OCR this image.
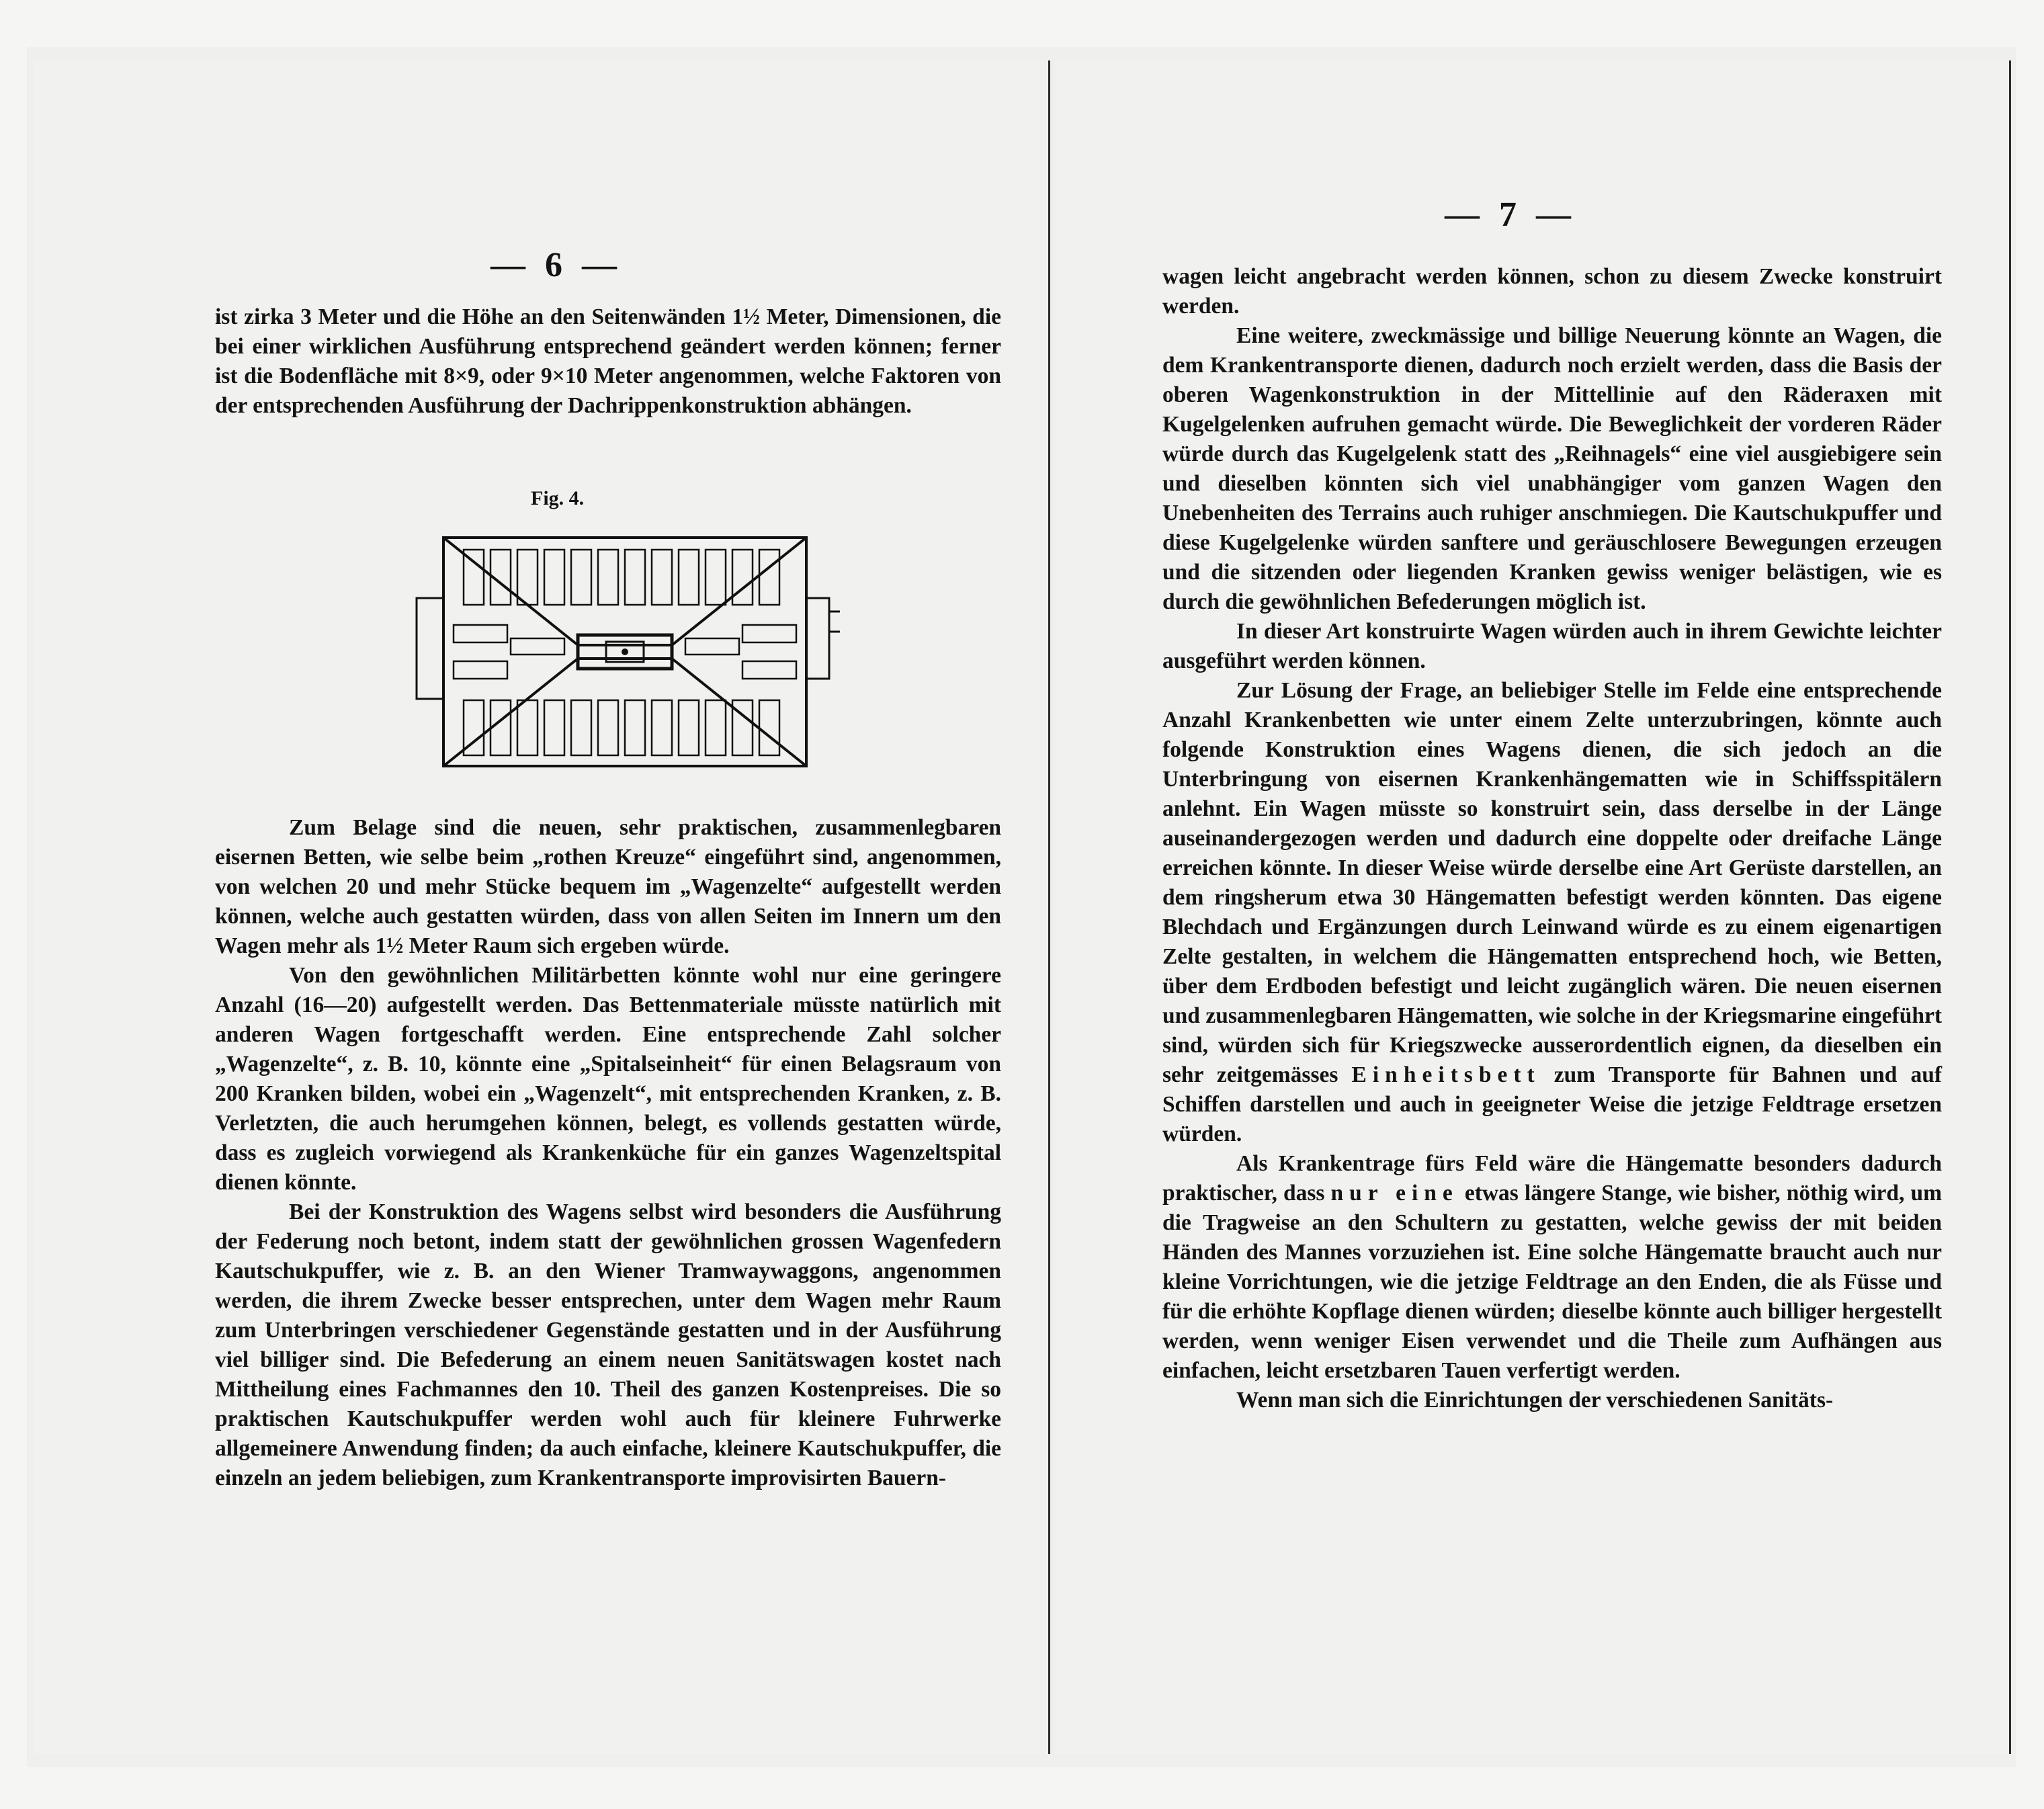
— 6 —

ist zirka 3 Meter und die Höhe an den Seitenwänden 1½ Meter, Dimensionen, die bei einer wirklichen Ausführung entsprechend geändert werden können; ferner ist die Bodenfläche mit 8×9, oder 9×10 Meter angenommen, welche Faktoren von der entsprechenden Ausführung der Dachrippenkonstruktion abhängen.

Fig. 4.

Zum Belage sind die neuen, sehr praktischen, zusammenlegbaren eisernen Betten, wie selbe beim „rothen Kreuze“ eingeführt sind, angenommen, von welchen 20 und mehr Stücke bequem im „Wagenzelte“ aufgestellt werden können, welche auch gestatten würden, dass von allen Seiten im Innern um den Wagen mehr als 1½ Meter Raum sich ergeben würde.

Von den gewöhnlichen Militärbetten könnte wohl nur eine geringere Anzahl (16—20) aufgestellt werden. Das Bettenmateriale müsste natürlich mit anderen Wagen fortgeschafft werden. Eine entsprechende Zahl solcher „Wagenzelte“, z. B. 10, könnte eine „Spitalseinheit“ für einen Belagsraum von 200 Kranken bilden, wobei ein „Wagenzelt“, mit entsprechenden Kranken, z. B. Verletzten, die auch herumgehen können, belegt, es vollends gestatten würde, dass es zugleich vorwiegend als Krankenküche für ein ganzes Wagenzeltspital dienen könnte.

Bei der Konstruktion des Wagens selbst wird besonders die Ausführung der Federung noch betont, indem statt der gewöhnlichen grossen Wagenfedern Kautschukpuffer, wie z. B. an den Wiener Tramwaywaggons, angenommen werden, die ihrem Zwecke besser entsprechen, unter dem Wagen mehr Raum zum Unterbringen verschiedener Gegenstände gestatten und in der Ausführung viel billiger sind. Die Befederung an einem neuen Sanitätswagen kostet nach Mittheilung eines Fachmannes den 10. Theil des ganzen Kostenpreises. Die so praktischen Kautschukpuffer werden wohl auch für kleinere Fuhrwerke allgemeinere Anwendung finden; da auch einfache, kleinere Kautschukpuffer, die einzeln an jedem beliebigen, zum Krankentransporte improvisirten Bauern-

— 7 —

wagen leicht angebracht werden können, schon zu diesem Zwecke konstruirt werden.

Eine weitere, zweckmässige und billige Neuerung könnte an Wagen, die dem Krankentransporte dienen, dadurch noch erzielt werden, dass die Basis der oberen Wagenkonstruktion in der Mittellinie auf den Räderaxen mit Kugelgelenken aufruhen gemacht würde. Die Beweglichkeit der vorderen Räder würde durch das Kugelgelenk statt des „Reihnagels“ eine viel ausgiebigere sein und dieselben könnten sich viel unabhängiger vom ganzen Wagen den Unebenheiten des Terrains auch ruhiger anschmiegen. Die Kautschukpuffer und diese Kugelgelenke würden sanftere und geräuschlosere Bewegungen erzeugen und die sitzenden oder liegenden Kranken gewiss weniger belästigen, wie es durch die gewöhnlichen Befederungen möglich ist.

In dieser Art konstruirte Wagen würden auch in ihrem Gewichte leichter ausgeführt werden können.

Zur Lösung der Frage, an beliebiger Stelle im Felde eine entsprechende Anzahl Krankenbetten wie unter einem Zelte unterzubringen, könnte auch folgende Konstruktion eines Wagens dienen, die sich jedoch an die Unterbringung von eisernen Krankenhängematten wie in Schiffsspitälern anlehnt. Ein Wagen müsste so konstruirt sein, dass derselbe in der Länge auseinandergezogen werden und dadurch eine doppelte oder dreifache Länge erreichen könnte. In dieser Weise würde derselbe eine Art Gerüste darstellen, an dem ringsherum etwa 30 Hängematten befestigt werden könnten. Das eigene Blechdach und Ergänzungen durch Leinwand würde es zu einem eigenartigen Zelte gestalten, in welchem die Hängematten entsprechend hoch, wie Betten, über dem Erdboden befestigt und leicht zugänglich wären. Die neuen eisernen und zusammenlegbaren Hängematten, wie solche in der Kriegsmarine eingeführt sind, würden sich für Kriegszwecke ausserordentlich eignen, da dieselben ein sehr zeitgemässes Einheitsbett zum Transporte für Bahnen und auf Schiffen darstellen und auch in geeigneter Weise die jetzige Feldtrage ersetzen würden.

Als Krankentrage fürs Feld wäre die Hängematte besonders dadurch praktischer, dass nur eine etwas längere Stange, wie bisher, nöthig wird, um die Tragweise an den Schultern zu gestatten, welche gewiss der mit beiden Händen des Mannes vorzuziehen ist. Eine solche Hängematte braucht auch nur kleine Vorrichtungen, wie die jetzige Feldtrage an den Enden, die als Füsse und für die erhöhte Kopflage dienen würden; dieselbe könnte auch billiger hergestellt werden, wenn weniger Eisen verwendet und die Theile zum Aufhängen aus einfachen, leicht ersetzbaren Tauen verfertigt werden.

Wenn man sich die Einrichtungen der verschiedenen Sanitäts-
